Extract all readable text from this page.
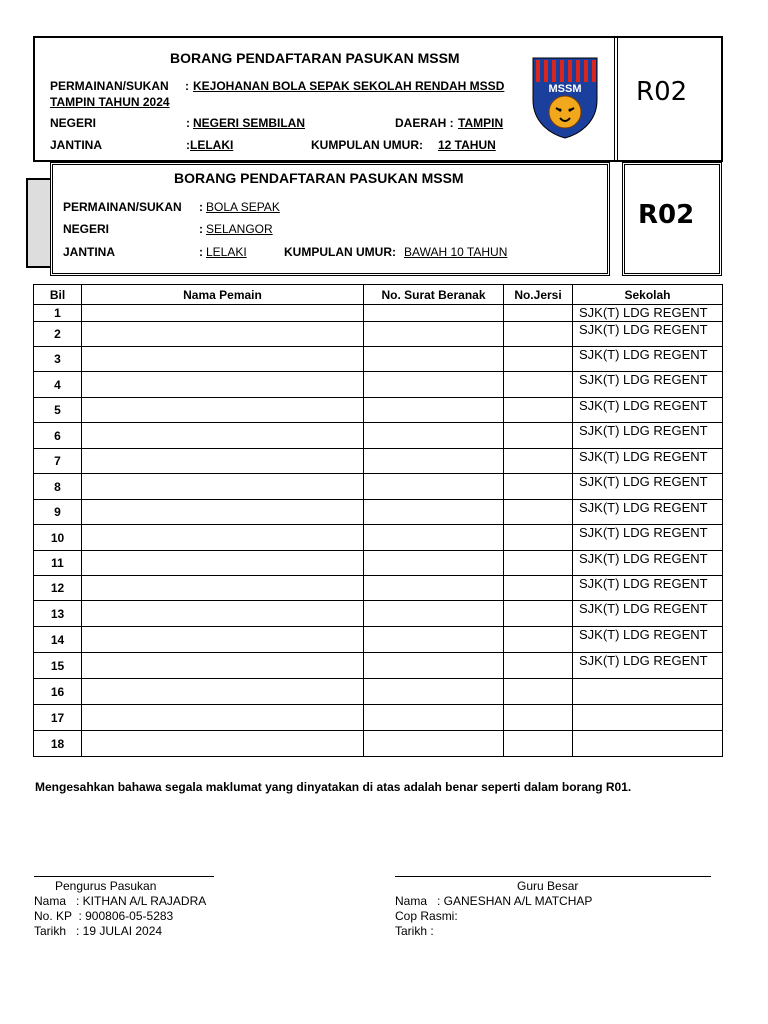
BORANG PENDAFTARAN PASUKAN MSSM
PERMAINAN/SUKAN : KEJOHANAN BOLA SEPAK SEKOLAH RENDAH MSSD
TAMPIN TAHUN 2024
NEGERI	: NEGERI SEMBILAN	DAERAH : TAMPIN
JANTINA	: LELAKI	KUMPULAN UMUR: 12 TAHUN
MSSM R02
BORANG PENDAFTARAN PASUKAN MSSM
PERMAINAN/SUKAN : BOLA SEPAK
NEGERI	: SELANGOR
JANTINA	: LELAKI	KUMPULAN UMUR: BAWAH 10 TAHUN
R02
Bil	Nama Pemain	No. Surat Beranak	No.Jersi	Sekolah
1				SJK(T) LDG REGENT
2				SJK(T) LDG REGENT
3				SJK(T) LDG REGENT
4				SJK(T) LDG REGENT
5				SJK(T) LDG REGENT
6				SJK(T) LDG REGENT
7				SJK(T) LDG REGENT
8				SJK(T) LDG REGENT
9				SJK(T) LDG REGENT
10				SJK(T) LDG REGENT
11				SJK(T) LDG REGENT
12				SJK(T) LDG REGENT
13				SJK(T) LDG REGENT
14				SJK(T) LDG REGENT
15				SJK(T) LDG REGENT
16				
17				
18				
Mengesahkan bahawa segala maklumat yang dinyatakan di atas adalah benar seperti dalam borang R01.
Pengurus Pasukan
Nama   : KITHAN A/L RAJADRA
No. KP  : 900806-05-5283
Tarikh   : 19 JULAI 2024
Guru Besar
Nama   : GANESHAN A/L MATCHAP
Cop Rasmi:
Tarikh :
